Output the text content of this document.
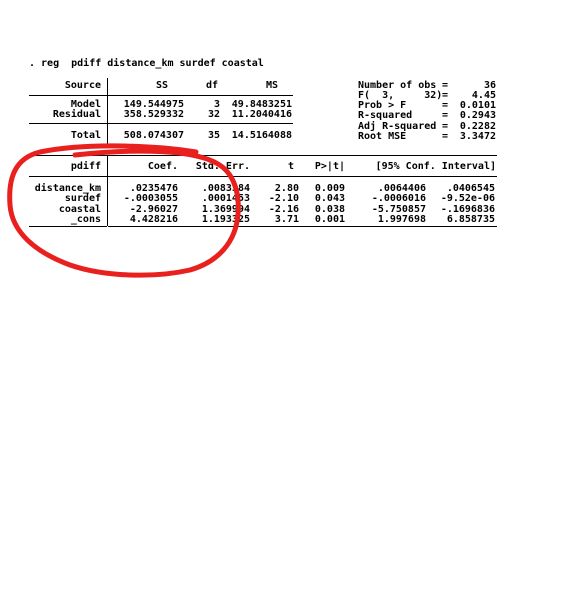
. reg  pdiff distance_km surdef coastal
Source	SS	df	MS
Model	149.544975	3	49.8483251
Residual	358.529332	32	11.2040416
Total	508.074307	35	14.5164088
Number of obs =	36
F(  3,     32) =	4.45
Prob > F	=	0.0101
R-squared	=	0.2943
Adj R-squared =	0.2282
Root MSE	=	3.3472
pdiff	Coef.	Std. Err.	t	P>|t|	[95% Conf. Interval]
distance_km	.0235476	.0083384	2.80	0.009	.0064406	.0406545
surdef	-.0003055	.0001453	-2.10	0.043	-.0006016	-9.52e-06
coastal	-2.96027	1.369994	-2.16	0.038	-5.750857	-.1696836
_cons	4.428216	1.193325	3.71	0.001	1.997698	6.858735
